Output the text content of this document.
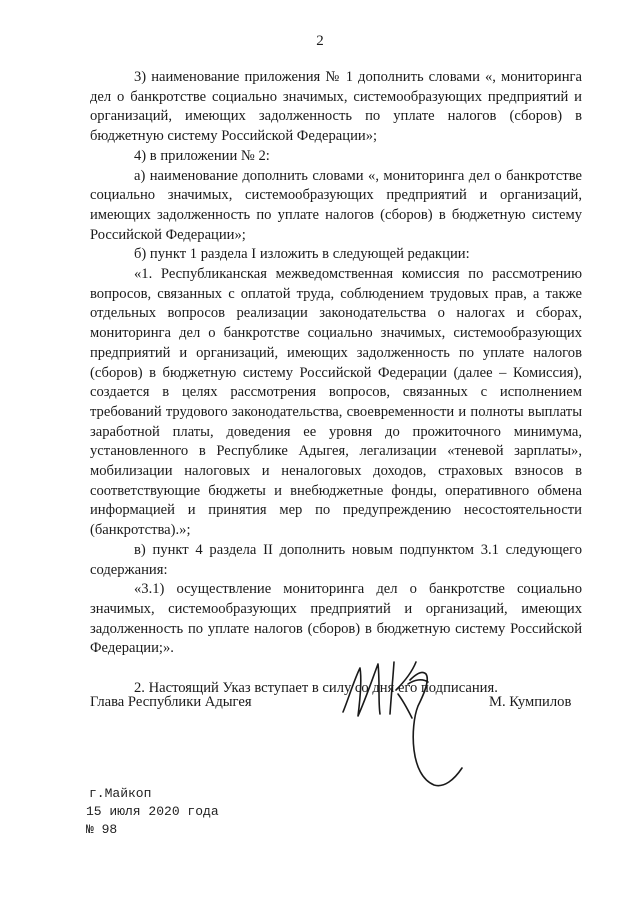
2

3) наименование приложения № 1 дополнить словами «, мониторинга дел о банкротстве социально значимых, системообразующих предприятий и организаций, имеющих задолженность по уплате налогов (сборов) в бюджетную систему Российской Федерации»;

4) в приложении № 2:

а) наименование дополнить словами «, мониторинга дел о банкротстве социально значимых, системообразующих предприятий и организаций, имеющих задолженность по уплате налогов (сборов) в бюджетную систему Российской Федерации»;

б) пункт 1 раздела I изложить в следующей редакции:

«1. Республиканская межведомственная комиссия по рассмотрению вопросов, связанных с оплатой труда, соблюдением трудовых прав, а также отдельных вопросов реализации законодательства о налогах и сборах, мониторинга дел о банкротстве социально значимых, системообразующих предприятий и организаций, имеющих задолженность по уплате налогов (сборов) в бюджетную систему Российской Федерации (далее – Комиссия), создается в целях рассмотрения вопросов, связанных с исполнением требований трудового законодательства, своевременности и полноты выплаты заработной платы, доведения ее уровня до прожиточного минимума, установленного в Республике Адыгея, легализации «теневой зарплаты», мобилизации налоговых и неналоговых доходов, страховых взносов в соответствующие бюджеты и внебюджетные фонды, оперативного обмена информацией и принятия мер по предупреждению несостоятельности (банкротства).»;

в) пункт 4 раздела II дополнить новым подпунктом 3.1 следующего содержания:

«3.1) осуществление мониторинга дел о банкротстве социально значимых, системообразующих предприятий и организаций, имеющих задолженность по уплате налогов (сборов) в бюджетную систему Российской Федерации;».

2. Настоящий Указ вступает в силу со дня его подписания.

Глава Республики Адыгея	М. Кумпилов
г.Майкоп
15 июля 2020 года
№ 98
